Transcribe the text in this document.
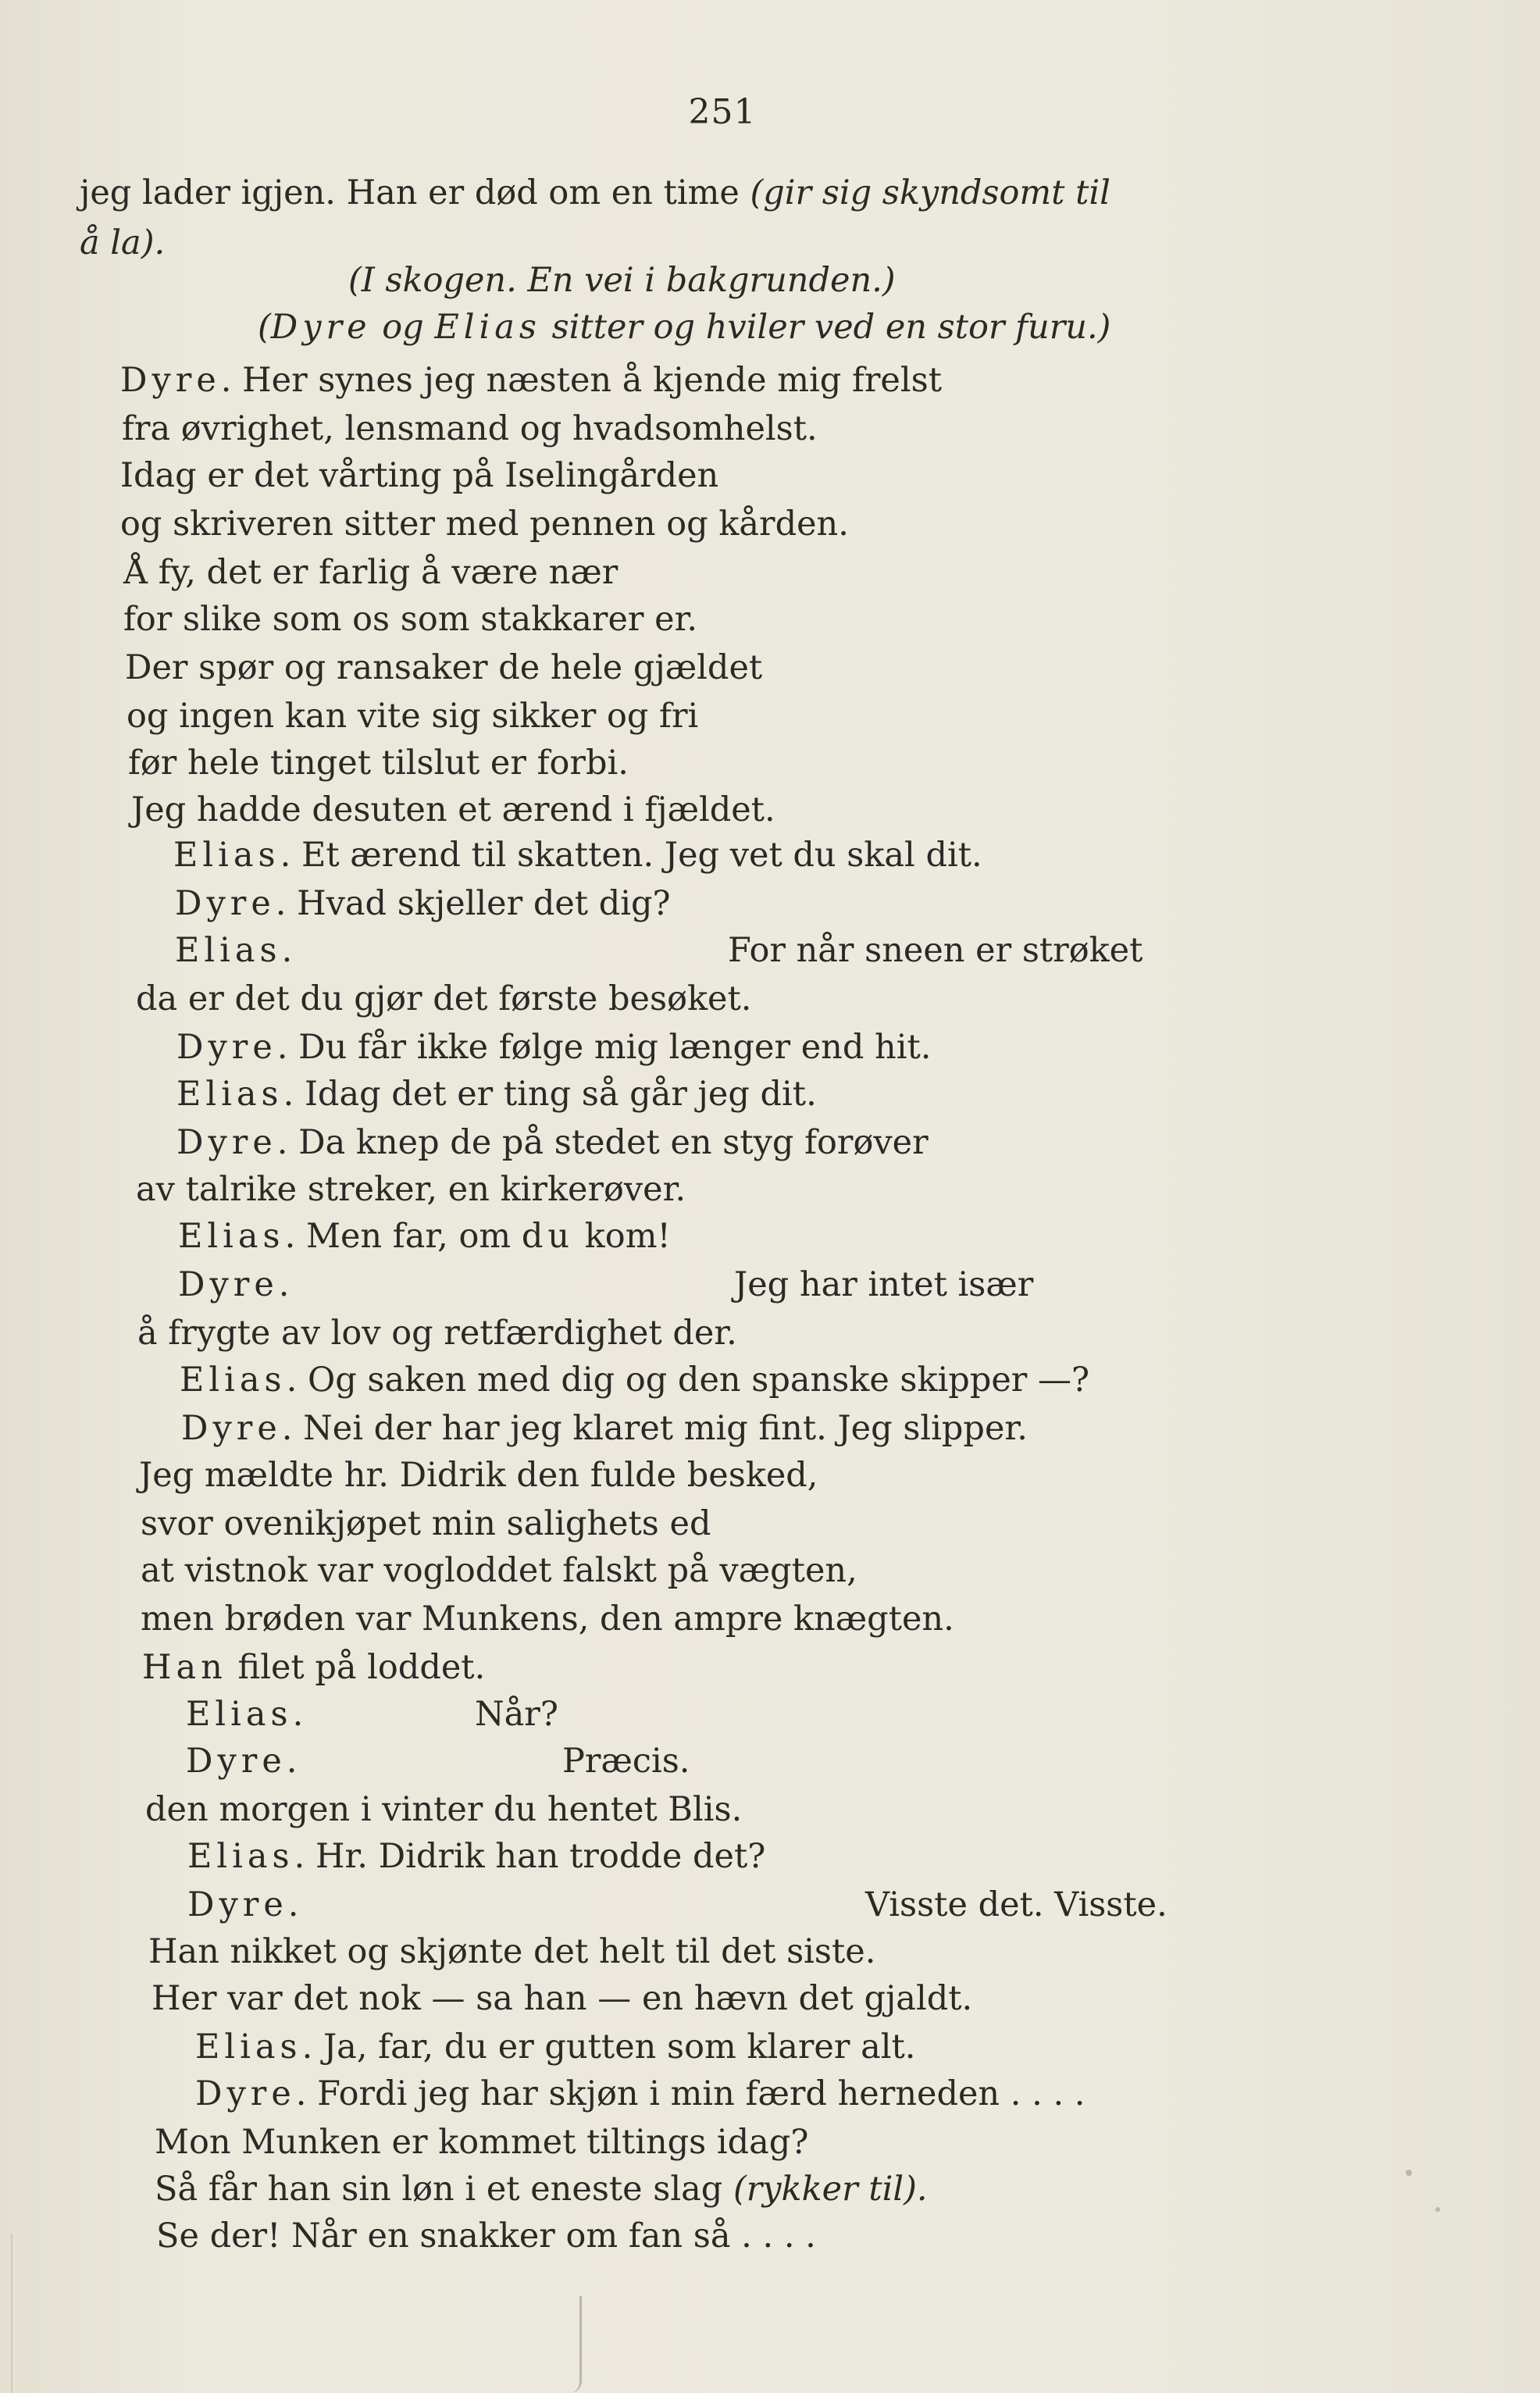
251
jeg lader igjen. Han er død om en time (gir sig skyndsomt til
å la).
(I skogen. En vei i bakgrunden.)
(Dyre og Elias sitter og hviler ved en stor furu.)
Dyre. Her synes jeg næsten å kjende mig frelst
fra øvrighet, lensmand og hvadsomhelst.
Idag er det vårting på Iselingården
og skriveren sitter med pennen og kården.
Å fy, det er farlig å være nær
for slike som os som stakkarer er.
Der spør og ransaker de hele gjældet
og ingen kan vite sig sikker og fri
før hele tinget tilslut er forbi.
Jeg hadde desuten et ærend i fjældet.
Elias. Et ærend til skatten. Jeg vet du skal dit.
Dyre. Hvad skjeller det dig?
Elias.	For når sneen er strøket
da er det du gjør det første besøket.
Dyre. Du får ikke følge mig længer end hit.
Elias. Idag det er ting så går jeg dit.
Dyre. Da knep de på stedet en styg forøver
av talrike streker, en kirkerøver.
Elias. Men far, om du kom!
Dyre.	Jeg har intet især
å frygte av lov og retfærdighet der.
Elias. Og saken med dig og den spanske skipper —?
Dyre. Nei der har jeg klaret mig fint. Jeg slipper.
Jeg mældte hr. Didrik den fulde besked,
svor ovenikjøpet min salighets ed
at vistnok var vogloddet falskt på vægten,
men brøden var Munkens, den ampre knægten.
Han filet på loddet.
Elias.	Når?
Dyre.	Præcis.
den morgen i vinter du hentet Blis.
Elias. Hr. Didrik han trodde det?
Dyre.	Visste det. Visste.
Han nikket og skjønte det helt til det siste.
Her var det nok — sa han — en hævn det gjaldt.
Elias. Ja, far, du er gutten som klarer alt.
Dyre. Fordi jeg har skjøn i min færd herneden . . . .
Mon Munken er kommet tiltings idag?
Så får han sin løn i et eneste slag (rykker til).
Se der! Når en snakker om fan så . . . .
